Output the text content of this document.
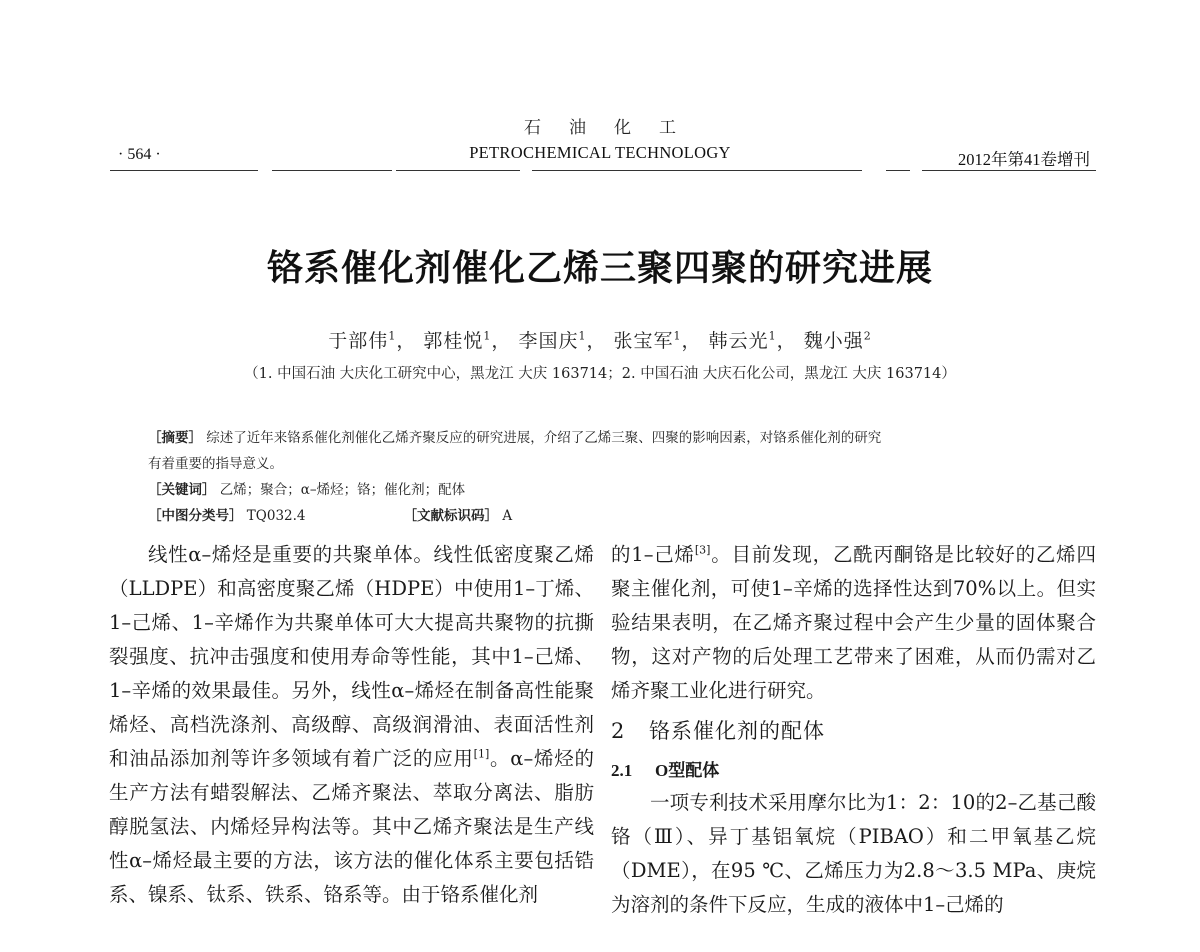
石油化工
· 564 ·	PETROCHEMICAL TECHNOLOGY	2012年第41卷增刊
铬系催化剂催化乙烯三聚四聚的研究进展
于部伟$^1$， 郭桂悦$^1$， 李国庆$^1$， 张宝军$^1$， 韩云光$^1$， 魏小强$^2$
（1. 中国石油 大庆化工研究中心，黑龙江 大庆 163714；2. 中国石油 大庆石化公司，黑龙江 大庆 163714）
［摘要］ 综述了近年来铬系催化剂催化乙烯齐聚反应的研究进展，介绍了乙烯三聚、四聚的影响因素，对铬系催化剂的研究
有着重要的指导意义。
［关键词］ 乙烯；聚合；α–烯烃；铬；催化剂；配体
［中图分类号］ TQ032.4	［文献标识码］ A

线性α–烯烃是重要的共聚单体。线性低密度聚乙烯（LLDPE）和高密度聚乙烯（HDPE）中使用1–丁烯、1–己烯、1–辛烯作为共聚单体可大大提高共聚物的抗撕裂强度、抗冲击强度和使用寿命等性能，其中1–己烯、1–辛烯的效果最佳。另外，线性α–烯烃在制备高性能聚烯烃、高档洗涤剂、高级醇、高级润滑油、表面活性剂和油品添加剂等许多领域有着广泛的应用[1]。α–烯烃的生产方法有蜡裂解法、乙烯齐聚法、萃取分离法、脂肪醇脱氢法、内烯烃异构法等。其中乙烯齐聚法是生产线性α–烯烃最主要的方法，该方法的催化体系主要包括锆系、镍系、钛系、铁系、铬系等。由于铬系催化剂

的1–己烯[3]。目前发现，乙酰丙酮铬是比较好的乙烯四聚主催化剂，可使1–辛烯的选择性达到70%以上。但实验结果表明，在乙烯齐聚过程中会产生少量的固体聚合物，这对产物的后处理工艺带来了困难，从而仍需对乙烯齐聚工业化进行研究。

2 铬系催化剂的配体

2.1 O型配体

一项专利技术采用摩尔比为1：2：10的2–乙基己酸铬（Ⅲ）、异丁基铝氧烷（PIBAO）和二甲氧基乙烷（DME），在95 ℃、乙烯压力为2.8～3.5 MPa、庚烷为溶剂的条件下反应，生成的液体中1–己烯的
